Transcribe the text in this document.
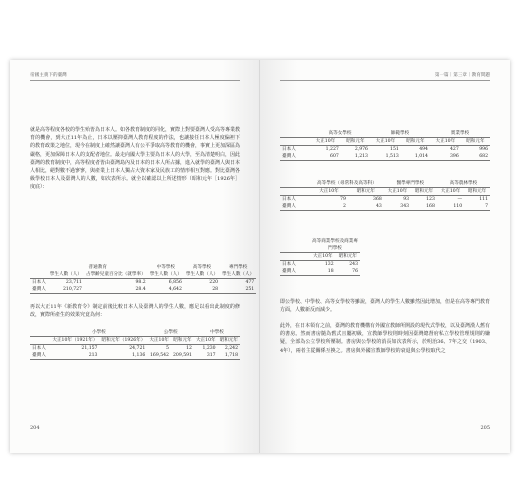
帝國主義下的臺灣

就是高等程度各校的學生殆皆為日本人。如各教育制度的同化，實際上對要臺灣人受高等專業教育的機會，到大正11年為止，日本以壓抑臺灣人教育程度的作法，也讓接任日本人極度偏袒下的教育政策之地位，現今在制度上確然讓臺灣人有公平爭取高等教育的機會，事實上更加深區為嚴格，更加保障日本人的支配者地位。最走向國大學主要為日本人的大學，至為清楚明白，因此臺灣的教育制度中，高等程度者皆由臺灣島內及日本的日本人所占據，進入就學的臺灣人與日本人相比，絕對數不過寥寥，與產業上日本人獨占大資本家及民族工的情形相互對應。對比臺灣各級學校日本人及臺灣人的人數，如次表所示。就全以確認以上所述情形（昭和元年［1926年］度底）：

	普通教育		中等學校	高等學校	專門學校
	學生人數（人）	占學齡兒童百分比（就學率）	學生人數（人）	學生人數（人）	學生人數（人）
日本人	23,711	98.2	6,856	220	477
臺灣人	210,727	28.4	4,642	28	251

再以大正11年《新教育令》制定前後比較日本人及臺灣人的學生人數，應足以看出此制度的修改，實際所產生的效果究竟為何：

	小學校		公學校		中學校	
	大正10年（1921年）	昭和元年（1926年）	大正10年	昭和元年	大正10年	昭和元年
日本人	21,157	24,721	5	12	1,230	2,242
臺灣人	213	1,136	169,542	209,591	317	1,718
204
第一篇｜第三章｜教育問題
	高等女學校		師範學校		實業學校	
	大正10年	昭和元年	大正10年	昭和元年	大正10年	昭和元年
日本人	1,227	2,976	151	494	427	996
臺灣人	607	1,213	1,513	1,014	396	682
	高等學校（尋常科及高等科）		醫學專門學校		高等農林學校	
	大正10年	昭和元年	大正10年	昭和元年	大正10年	昭和元年
日本人	79	368	93	123	—	111
臺灣人	2	43	343	168	110	7
	高等商業學校及商業專門學校	
	大正10年	昭和元年
日本人	132	243
臺灣人	18	76

即公學校、中學校、高等女學校等雖說，臺灣人的學生人數雖然因此增加，但是在高等專門教育方面，人數新反而減少。

此外，在日本領有之前，臺灣的教育機構有外國宣教師所開設的現代式學校，以及臺灣漢人舊有的書房。然而書房隨為舊式且屬初級，宣教師學校則時刻因臺灣總督府私立學校管理規則的嫌疑，全部為公立學校所壓制。書房與公學校的消長如次表所示，於明治36、7年之交（1903、4年），兩者主從關係互換之。書房與外國宣教師學校的衰退與公學校取代之

205
